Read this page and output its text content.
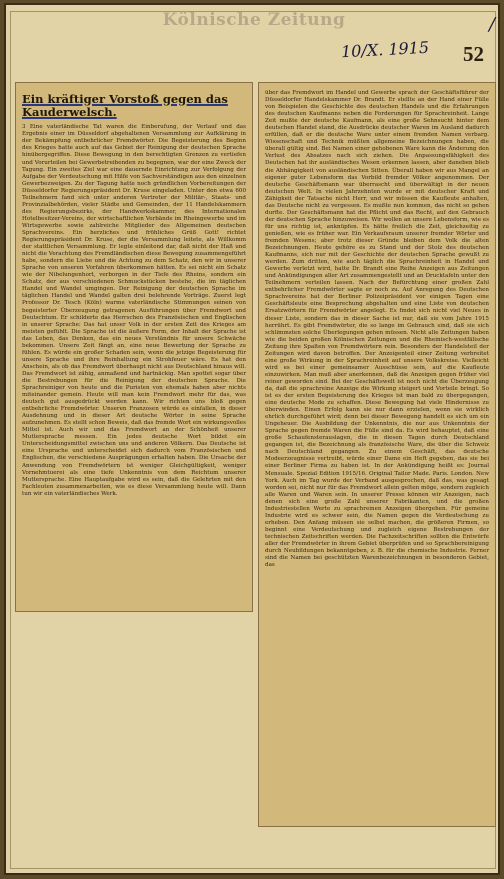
Kölnische Zeitung
10/X. 1915 52
/
Ein kräftiger Vorstoß gegen das Kauderwelsch.
3 Eine vaterländische Tat waren die Einberufung, der Verlauf und das Ergebnis einer im Düsseldorf abgehaltenen Versammlung zur Aufklärung in der Bekämpfung entbehrlicher Fremdwörter. Die Begeisterung des Beginn des Krieges hatte auch auf das Gebiet der Reinigung der deutschen Sprache hinübergegriffen. Diese Bewegung in den berechtigten Grenzen zu vertiefen und Vorurteilen bei Gewerbetreibenden zu begegnen, war der eine Zweck der Tagung. Ein zweites Ziel war eine dauernde Einrichtung zur Verfolgung der Aufgabe der Verdeutschung mit Hilfe von Sachverständigen aus den einzelnen Gewerbezweigen. Zu der Tagung hatte noch gründlichen Vorbereitungen der Düsseldorfer Regierungspräsident Dr. Kruse eingeladen. Unter den etwa 600 Teilnehmern fand sich unter anderen Vertreter der Militär-, Staats- und Provinzialbehörden, vieler Städte und Gemeinden, der 11 Handelskammern des Regierungsbezirks, der Handwerkskammer, des Internationalen Hotelbesitzer-Vereins, der wirtschaftlichen Verbände im Rheingewerbe und im Wirtsgewerbe sowie zahlreiche Mitglieder des Allgemeinen deutschen Sprachvereins. Ein herzliches und fröhliches Grüß Gott! richtet Regierungspräsident Dr. Kruse, der die Versammlung leitete, als Willkomm der stattlichen Versammlung. Er legte einleitend dar, daß nicht der Haß und nicht die Verachtung des Fremdländischen diese Bewegung zusammengeführt habe, sondern die Liebe und die Achtung zu dem Schatz, den wir in unserer Sprache von unseren Vorfahren überkommen hätten. Es sei nicht ein Schatz wie der Nibelungenhort, verborgen in der Tiefe des Rheins, sondern ein Schatz, der aus verschiedenen Schmuckstücken bestehe, die im täglichen Handel und Wandel umgingen. Der Reinigung der deutschen Sprache im täglichen Handel und Wandel galten drei belehrende Vorträge. Zuerst legt Professor Dr. Tesch (Köln) warme vaterländische Stimmungen seinen von begeisterter Überzeugung getragenen Ausführungen über Fremdwort und Deutschtum. Er schilderte das Herrschen des Französischen und Englischen in unserer Sprache: Das hat unser Volk in der ersten Zeit des Krieges am meisten gefühlt. Die Sprache ist die äußere Form, der Inhalt der Sprache ist das Leben, das Denken, das ein neues Verständnis für unsere Schwäche bekommen. Unsere Zeit fängt an, eine neue Bewertung der Sprache zu fühlen. Es würde ein großer Schaden sein, wenn die jetzige Begeisterung für unsere Sprache und ihre Reinhaltung ein Strohfeuer wäre. Es hat den Anschein, als ob das Fremdwort überhaupt nicht aus Deutschland hinaus will. Das Fremdwort ist zähig, anmaßend und hartnäckig. Man spottet sogar über die Bestrebungen für die Reinigung der deutschen Sprache. Die Sprachreiniger von heute und die Puristen von ehemals haben aber nichts miteinander gemein. Heute will man kein Fremdwort mehr für das, was deutsch gut ausgedrückt werden kann. Wir richten uns bloß gegen entbehrliche Fremdwörter. Unseren Franzosen würde es einfallen, in dieser Ausdehnung und in dieser Art deutsche Wörter in seine Sprache aufzunehmen. Es stellt schon Beweis, daß das fremde Wort ein wirkungsvolles Mittel ist. Auch wir und das Fremdwort an der Schönheit unserer Muttersprache messen. Ein jedes deutsche Wort bildet ein Unterscheidungsmittel zwischen uns und anderen Völkern. Das Deutsche ist eine Ursprache und unterscheidet sich dadurch vom Französischen und Englischen, die verschiedene Ausprägungen erhalten haben. Die Ursache der Anwendung von Fremdwörtern ist weniger Gleichgültigkeit, weniger Vornehmtuerei als eine tiefe Unkenntnis von dem Reichtum unserer Muttersprache. Eine Hauptaufgabe wird es sein, daß die Gelehrten mit den Fachleuten zusammenarbeiten, wie es diese Versammlung heute will. Dann tun wir ein vaterländisches Werk.
über das Fremdwort im Handel und Gewerbe sprach der Geschäftsführer der Düsseldorfer Handelskammer Dr. Brandt. Er stellte an der Hand einer Fülle von Beispielen die Geschichte des deutschen Handels und die Erfahrungen des deutschen Kaufmanns neben die Forderungen für Sprachreinheit. Lange Zeit mußte der deutsche Kaufmann, als eine große Sehnsucht hinter dem deutschen Handel stand, die Ausdrücke deutscher Waren im Ausland dadurch erfüllen, daß er die deutsche Ware unter einem fremden Namen verbarg. Wissenschaft und Technik müßten allgemeine Bezeichnungen haben, die überall gültig sind. Bei Namen einer gehobenen Ware kann die Änderung den Verlust des Absatzes nach sich ziehen. Die Anpassungsfähigkeit des Deutschen hat ihr ausländisches Wesen erkennen lassen, aber daneben blieb die Abhängigkeit von ausländischen Sitten. Überall haben wir aus Mangel an eigener guter Lebensform das Vorbild fremder Völker angenommen. Der deutsche Geschäftsmann war überrascht und überwältigt in der neuen deutschen Welt. In vielen Jahrzehnten wurde er mit deutscher Kraft und Zähigkeit der Tatsache nicht Herr, und wir müssen die Kaufleute anhalten, das Deutsche nicht zu vergessen. Es mußte nun kommen, das nicht so gehen durfte. Der Geschäftsmann hat die Pflicht und das Recht, auf den Gebrauch der deutschen Sprache hinzuweisen. Wir wollen an unsere Lebensform, wie es für uns richtig ist, anknüpfen. Es hätte freilich die Zeit, gleichzeitig zu genießen, wie es früher war. Ein Verkaufsraum unserer fremder Wörter und fremden Wesens; aber trotz dieser Gründe bleiben dem Volk die alten Bezeichnungen. Heute gehöre es zu Stand und der Stolz des deutschen Kaufmanns, sich nur mit der Geschichte der deutschen Sprache gewußt zu werden. Zum dritten, wie auch täglich die Sprachreinheit in Handel und Gewerbe verletzt wird, hatte Dr. Brandt eine Reihe Anzeigen aus Zeitungen und Ankündigungen aller Art zusammengestellt und an Drucktafeln unter den Teilnehmern verteilen lassen. Nach der Befürchtung einer großen Zahl entbehrlicher Fremdwörter sagte er noch zu. Auf Anregung des Deutschen Sprachvereins hat der Berliner Polizeipräsident vor einigen Tagen eine Geschäftsleute eine Besprechung abgehalten und eine Liste von deutschen Ersatzwörtern für Fremdwörter angelegt. Es findet sich nicht viel Neues in dieser Liste, sondern das in dieser Sache ist nur, daß sie vom Jahre 1915 herrührt. Es gibt Fremdwörter, die so lange im Gebrauch sind, daß sie sich schlimmsten solche Überlegungen gehen müssen. Nicht alle Zeitungen haben wie die beiden großen Kölnischen Zeitungen und die Rheinisch-westfälische Zeitung ihre Spalten von Fremdwörtern rein. Besonders der Handelsteil der Zeitungen wird davon betroffen. Der Anzeigenteil einer Zeitung verbreitet eine große Wirkung in der Sprachreinheit auf unsere Volkskreise. Vielleicht wird es bei einer gemeinsamer Ausschüsse sein, auf die Kaufleute einzuwirken. Man muß aber anerkennen, daß die Anzeigen gegen früher viel reiner geworden sind. Bei der Geschäftswelt ist noch nicht die Überzeugung da, daß die sprachreine Anzeige die Wirkung steigert und Vorteile bringt. So ist es der ersten Begeisterung des Krieges ist man bald zu übergegangen, eine deutsche Mode zu schaffen. Diese Bewegung hat viele Hindernisse zu überwinden. Einen Erfolg kann sie nur dann erzielen, wenn sie wirklich ehrlich durchgeführt wird; denn bei dieser Bewegung handelt es sich um ein Ungeheuer. Die Ausbildung der Unkenntnis, die nur aus Unkenntnis der Sprache gegen fremde Waren die Fülle sind da. Es wird behauptet, daß eine große Schaufensterauslagen, die in diesen Tagen durch Deutschland gegangen ist, die Bezeichnung als französische Ware, die über die Schweiz nach Deutschland gegangen. Zu einem Geschäft, das deutsche Modeerzeugnisse vertreibt, würde einer Dame ein Heft gegeben, das sie bei einer Berliner Firma zu haben ist. In der Ankündigung heißt es: Journal Mensuale. Spezial Edition 1915/16. Original Tailor Made. Paris. London. New York. Auch im Tag wurde der Verband ausgesprochen, daß das, was gesagt worden sei, nicht nur für das Fremdwort allein gelten möge, sondern zugleich alle Waren und Waren sein. In unserer Presse können wir Anzeigen, nach denen sich eine große Zahl unserer Fabrikanten, und die großen Industriestellen Werte zu sprachreinen Anzeigen übergehen. Für gemeine Industrie wird es schwer sein, die Namen gegen die Verdeutschung zu erheben. Den Anfang müssen sie selbst machen, die größeren Firmen, so beginnt eine Verdeutschung und zugleich eigene Bestrebungen der technischen Zeitschriften werden. Die Fachzeitschriften sollten die Entwürfe aller der Fremdwörter in ihrem Gebiet überprüfen und so Sprachbereinigung durch Neubildungen bekanntgeben, z. B. für die chemische Industrie. Ferner sind die Namen bei geschützten Warenbezeichnungen in besonderen Gebiet, das
